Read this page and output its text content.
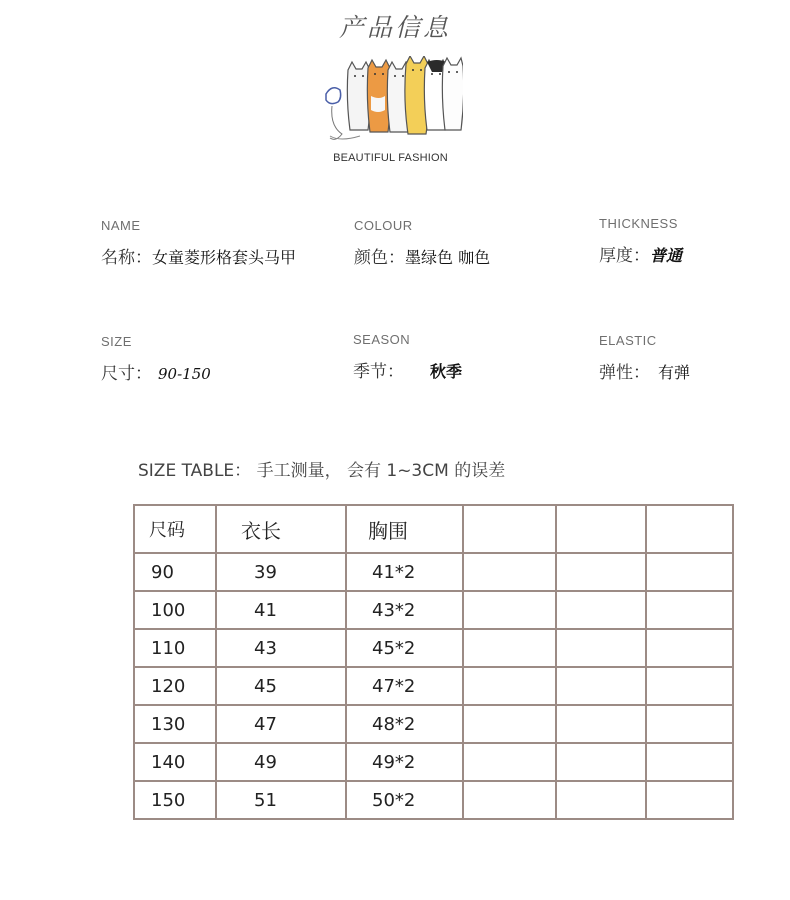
产品信息
BEAUTIFUL FASHION
NAME
名称：女童菱形格套头马甲
COLOUR
颜色：墨绿色 咖色
THICKNESS
厚度：普通
SIZE
尺寸： 90-150
SEASON
季节： 秋季
ELASTIC
弹性： 有弹
SIZE TABLE： 手工测量， 会有 1~3CM 的误差
尺码	衣长	胸围			
90	39	41*2			
100	41	43*2			
110	43	45*2			
120	45	47*2			
130	47	48*2			
140	49	49*2			
150	51	50*2			
